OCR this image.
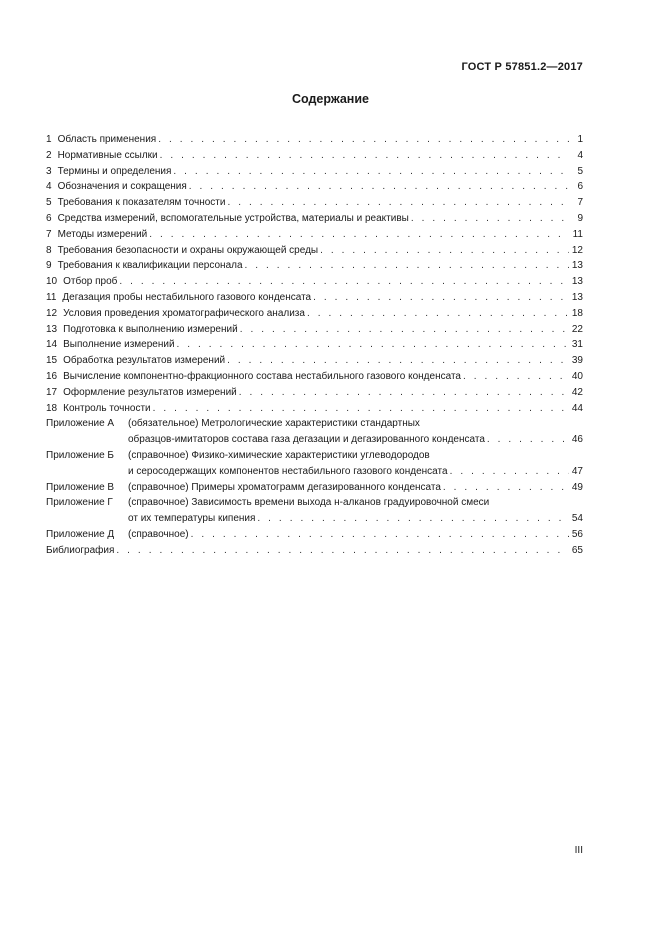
ГОСТ Р 57851.2—2017
Содержание
1 Область применения . . .	1
2 Нормативные ссылки . . .	4
3 Термины и определения . . .	5
4 Обозначения и сокращения . . .	6
5 Требования к показателям точности . . .	7
6 Средства измерений, вспомогательные устройства, материалы и реактивы . . .	9
7 Методы измерений . . .	11
8 Требования безопасности и охраны окружающей среды . . .	12
9 Требования к квалификации персонала . . .	13
10 Отбор проб . . .	13
11 Дегазация пробы нестабильного газового конденсата . . .	13
12 Условия проведения хроматографического анализа . . .	18
13 Подготовка к выполнению измерений . . .	22
14 Выполнение измерений . . .	31
15 Обработка результатов измерений . . .	39
16 Вычисление компонентно-фракционного состава нестабильного газового конденсата . . .	40
17 Оформление результатов измерений . . .	42
18 Контроль точности . . .	44
Приложение А	(обязательное) Метрологические характеристики стандартных
образцов-имитаторов состава газа дегазации и дегазированного конденсата . . .	46
Приложение Б	(справочное) Физико-химические характеристики углеводородов
и серосодержащих компонентов нестабильного газового конденсата . . .	47
Приложение В	(справочное) Примеры хроматограмм дегазированного конденсата . . .	49
Приложение Г	(справочное) Зависимость времени выхода н-алканов градуировочной смеси
от их температуры кипения . . .	54
Приложение Д	(справочное) . . .	56
Библиография . . .	65
III
